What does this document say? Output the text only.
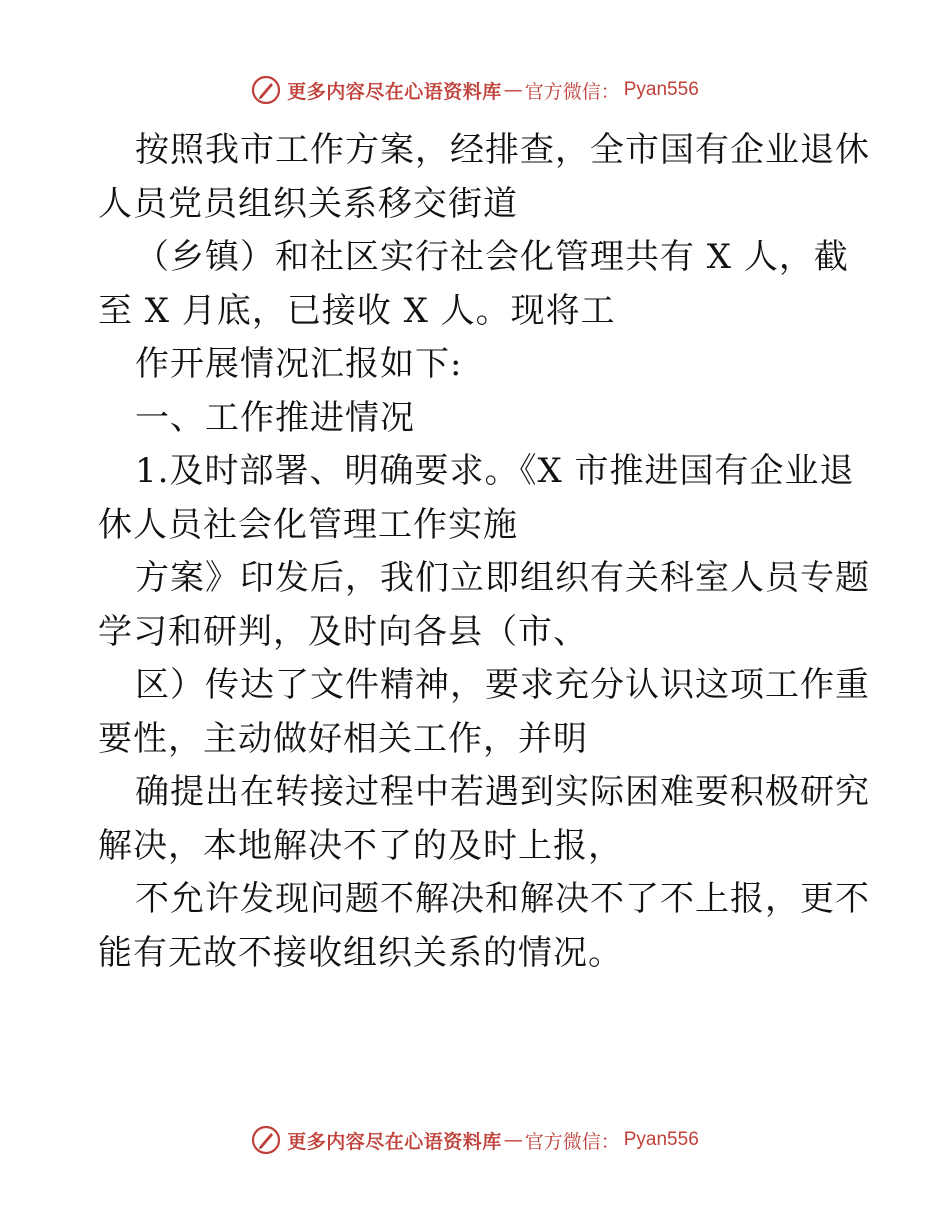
更多内容尽在心语资料库 — 官方微信： Pyan556
按照我市工作方案，经排查，全市国有企业退休
人员党员组织关系移交街道
（乡镇）和社区实行社会化管理共有 X 人，截
至 X 月底，已接收 X 人。现将工
作开展情况汇报如下:
一、工作推进情况
1.及时部署、明确要求。《X 市推进国有企业退
休人员社会化管理工作实施
方案》印发后，我们立即组织有关科室人员专题
学习和研判，及时向各县（市、
区）传达了文件精神，要求充分认识这项工作重
要性，主动做好相关工作，并明
确提出在转接过程中若遇到实际困难要积极研究
解决，本地解决不了的及时上报，
不允许发现问题不解决和解决不了不上报，更不
能有无故不接收组织关系的情况。
更多内容尽在心语资料库 — 官方微信： Pyan556
